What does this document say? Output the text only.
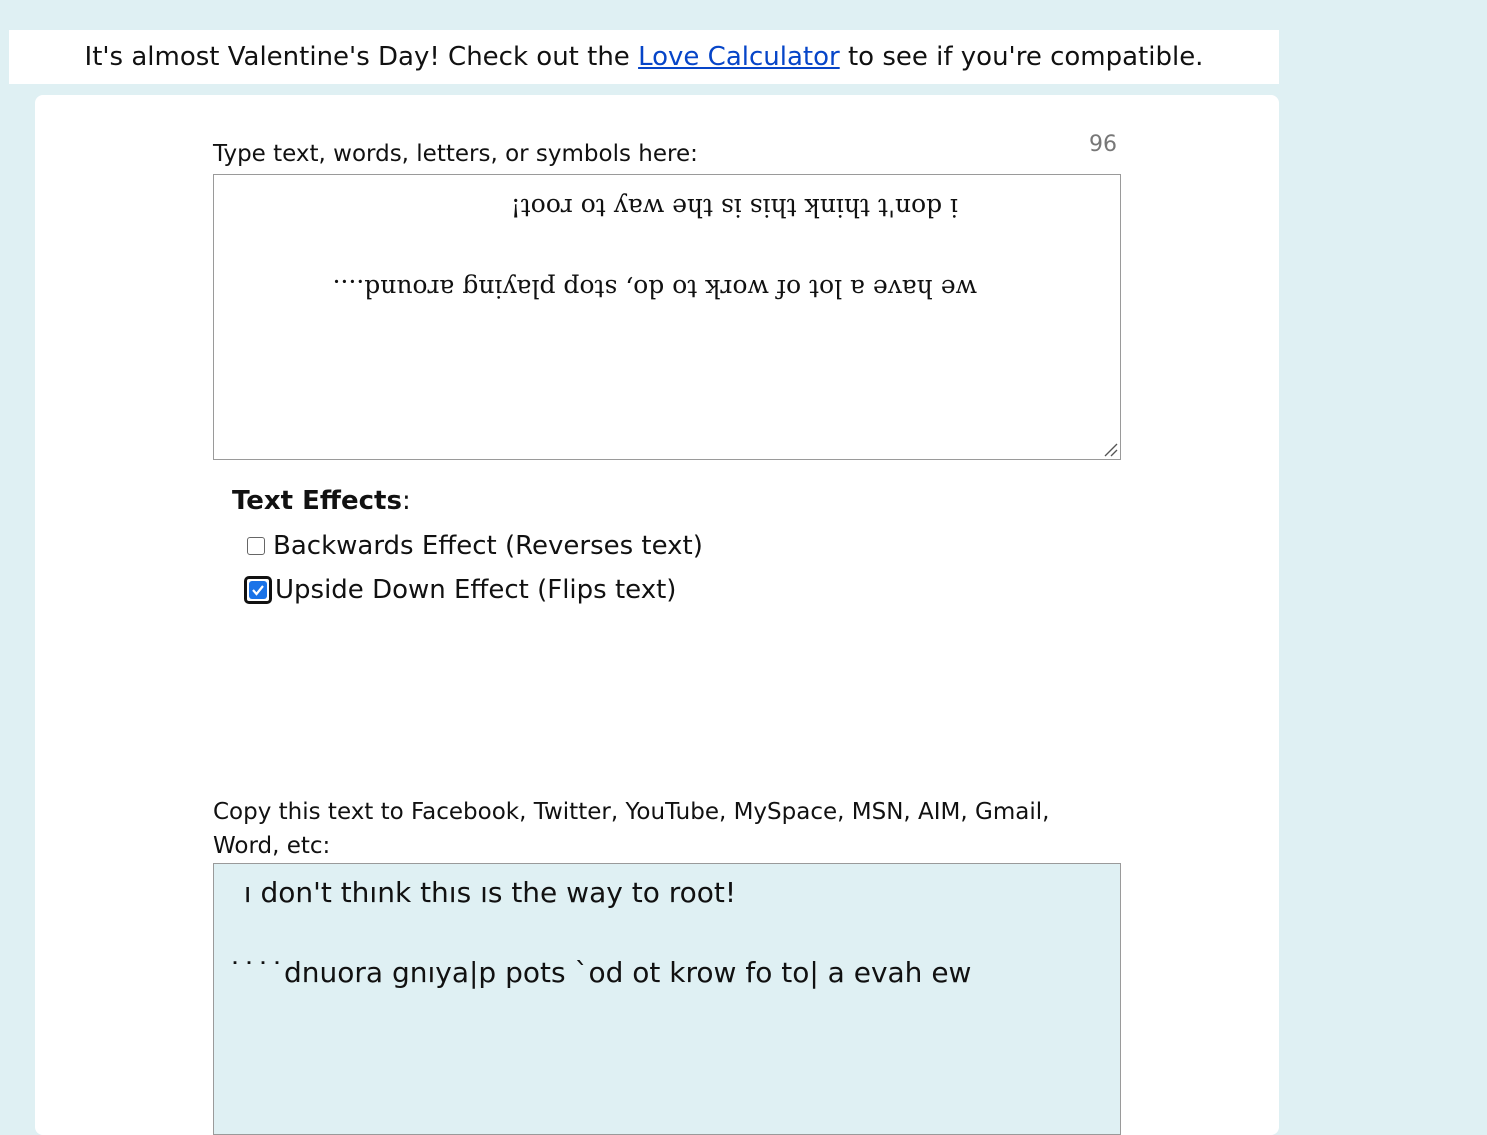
It's almost Valentine's Day! Check out the
Love Calculator
to see if you're compatible.
96
Type text, words, letters, or symbols here:
i don't think this is the way to root!
we have a lot of work to do, stop playing around....
Text Effects:
Backwards Effect (Reverses text)
Upside Down Effect (Flips text)
Copy this text to Facebook, Twitter, YouTube, MySpace, MSN, AIM, Gmail, Word, etc:
ı don't thınk thıs ıs the way to root!
˙˙˙˙dnuora gnıya|p pots `od ot krow fo to| a evah ew
